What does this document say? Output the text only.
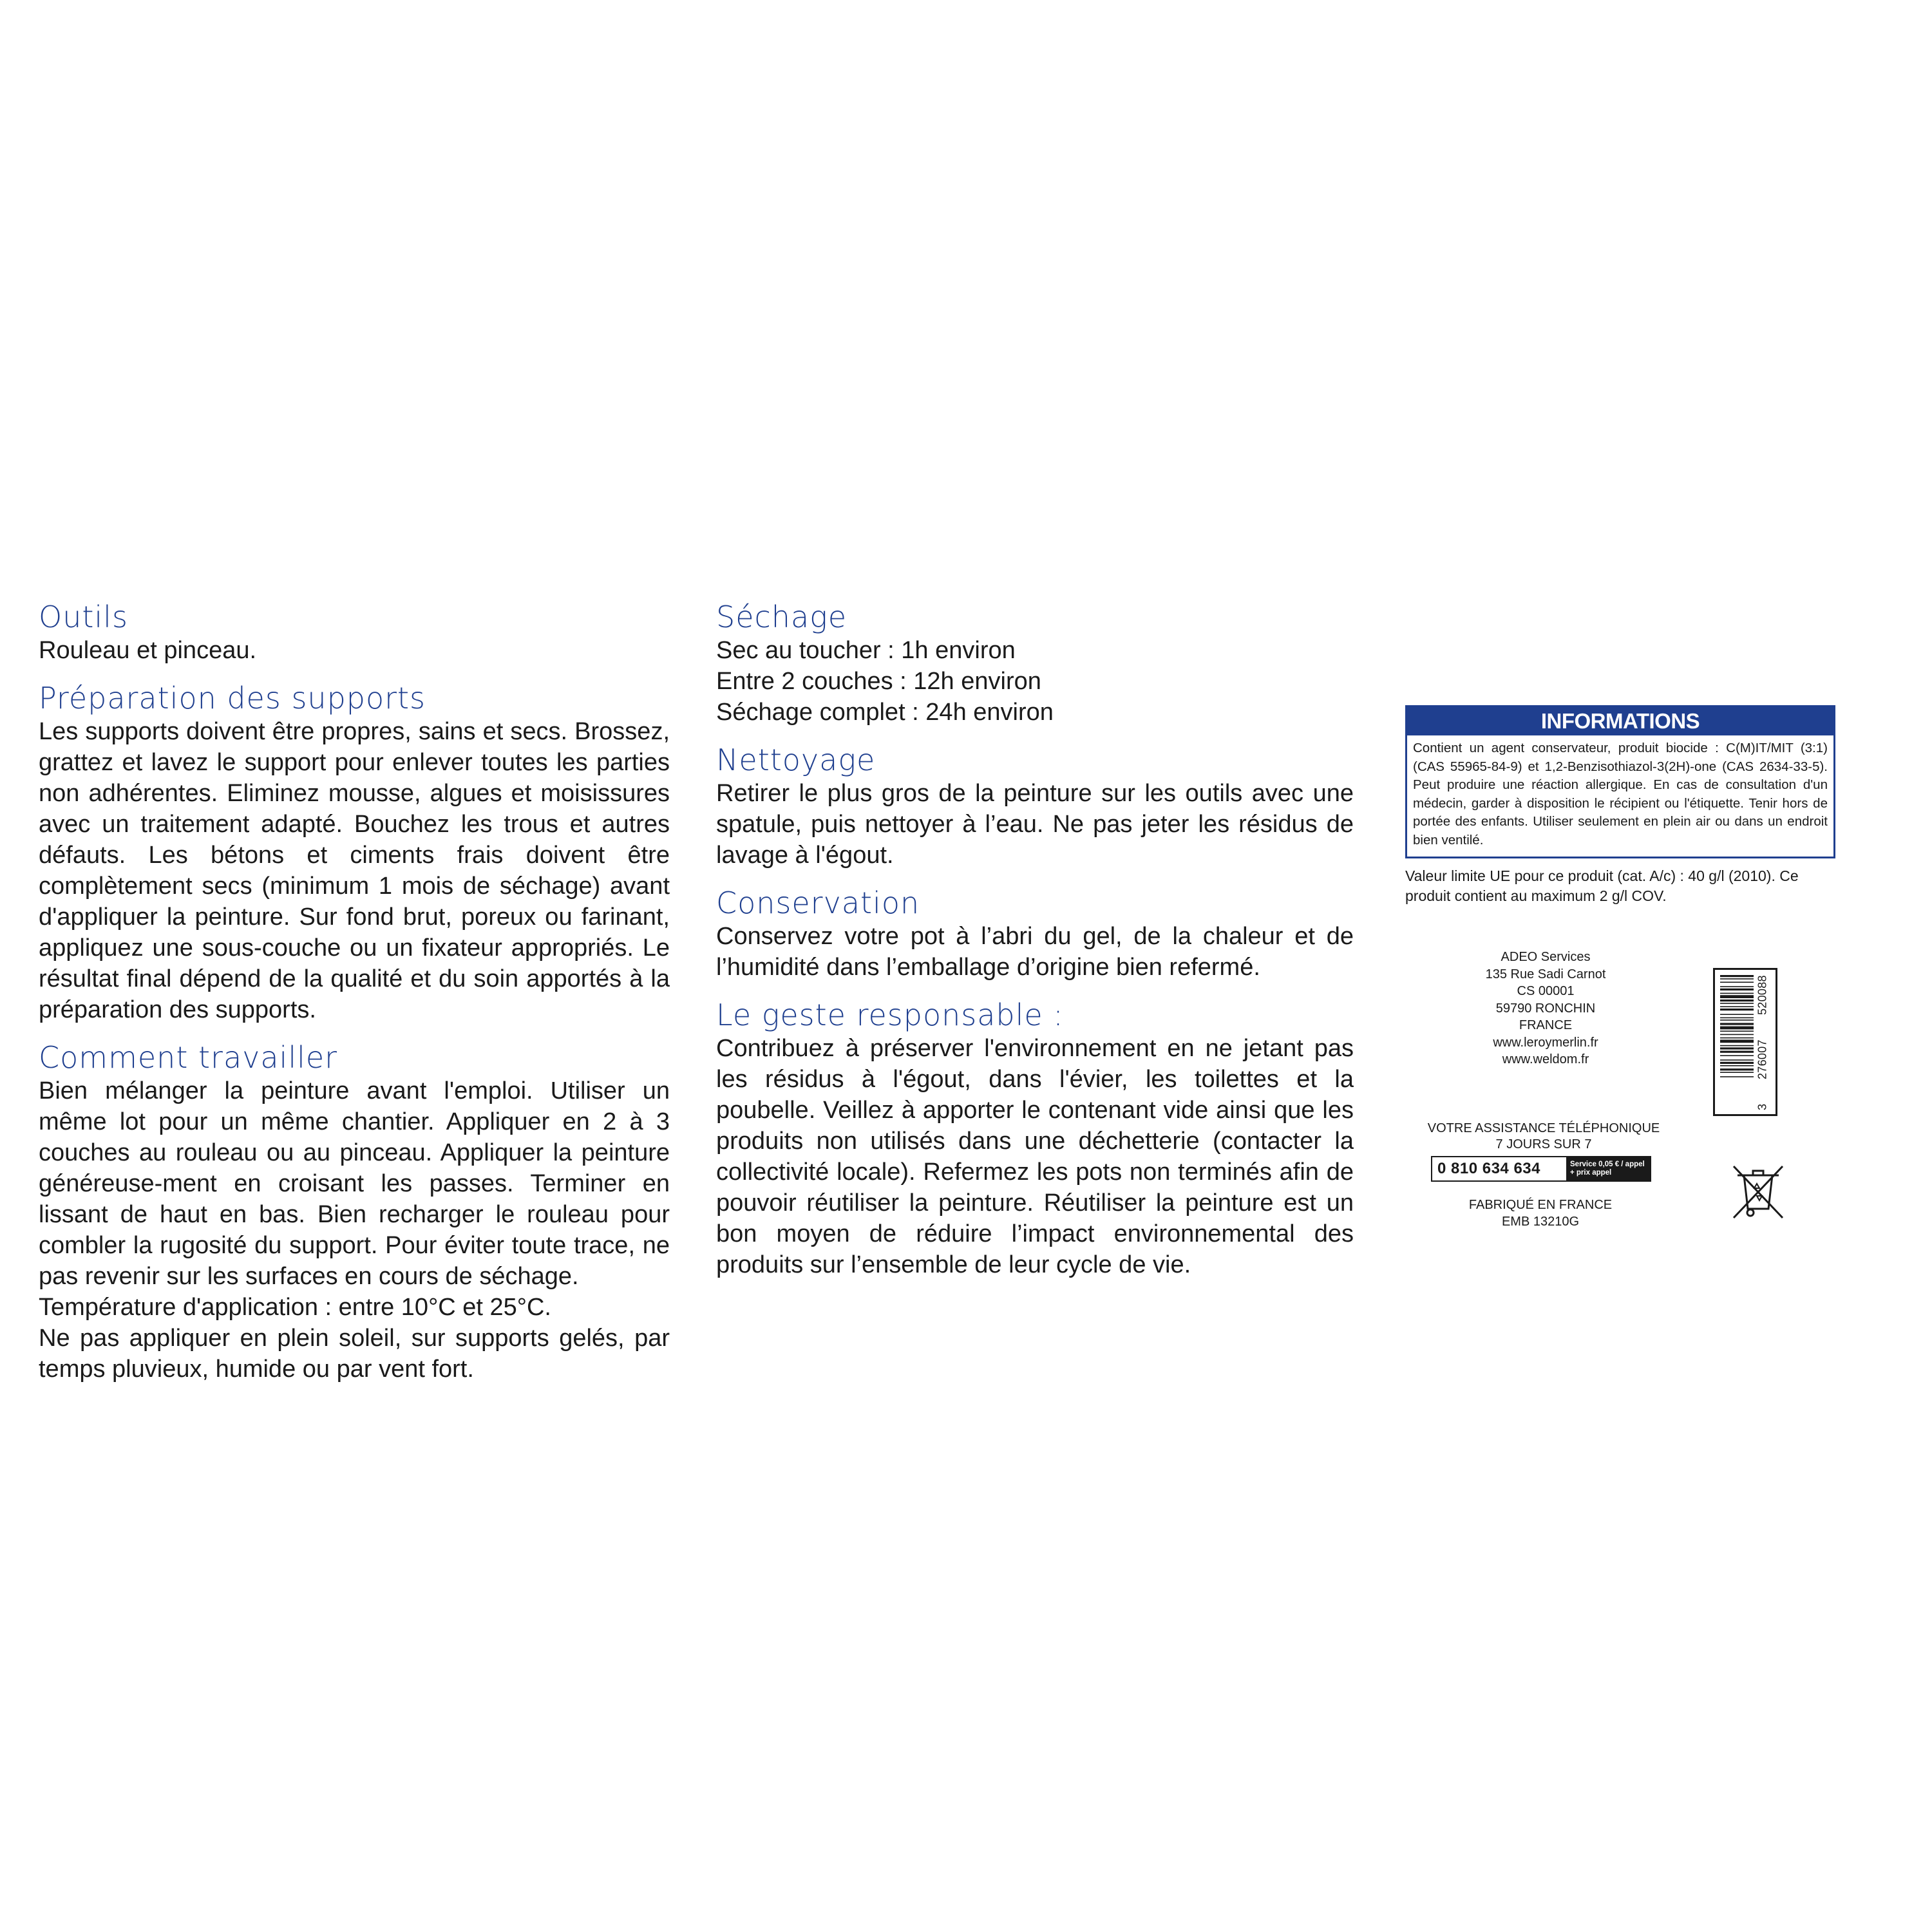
Outils

Rouleau et pinceau.

Préparation des supports

Les supports doivent être propres, sains et secs. Brossez, grattez et lavez le support pour enlever toutes les parties non adhérentes. Eliminez mousse, algues et moisissures avec un traitement adapté. Bouchez les trous et autres défauts. Les bétons et ciments frais doivent être complètement secs (minimum 1 mois de séchage) avant d'appliquer la peinture. Sur fond brut, poreux ou farinant, appliquez une sous-couche ou un fixateur appropriés. Le résultat final dépend de la qualité et du soin apportés à la préparation des supports.

Comment travailler

Bien mélanger la peinture avant l'emploi. Utiliser un même lot pour un même chantier. Appliquer en 2 à 3 couches au rouleau ou au pinceau. Appliquer la peinture généreuse-ment en croisant les passes. Terminer en lissant de haut en bas. Bien recharger le rouleau pour combler la rugosité du support. Pour éviter toute trace, ne pas revenir sur les surfaces en cours de séchage.

Température d'application : entre 10°C et 25°C.

Ne pas appliquer en plein soleil, sur supports gelés, par temps pluvieux, humide ou par vent fort.

Séchage
Sec au toucher : 1h environ
Entre 2 couches : 12h environ
Séchage complet : 24h environ
Nettoyage

Retirer le plus gros de la peinture sur les outils avec une spatule, puis nettoyer à l’eau. Ne pas jeter les résidus de lavage à l'égout.

Conservation

Conservez votre pot à l’abri du gel, de la chaleur et de l’humidité dans l’emballage d’origine bien refermé.

Le geste responsable :

Contribuez à préserver l'environnement en ne jetant pas les résidus à l'égout, dans l'évier, les toilettes et la poubelle. Veillez à apporter le contenant vide ainsi que les produits non utilisés dans une déchetterie (contacter la collectivité locale). Refermez les pots non terminés afin de pouvoir réutiliser la peinture. Réutiliser la peinture est un bon moyen de réduire l’impact environnemental des produits sur l’ensemble de leur cycle de vie.

INFORMATIONS
Contient un agent conservateur, produit biocide : C(M)IT/MIT (3:1) (CAS 55965-84-9) et 1,2-Benzisothiazol-3(2H)-one (CAS 2634-33-5). Peut produire une réaction allergique. En cas de consultation d'un médecin, garder à disposition le récipient ou l'étiquette. Tenir hors de portée des enfants. Utiliser seulement en plein air ou dans un endroit bien ventilé.
Valeur limite UE pour ce produit (cat. A/c) : 40 g/l (2010). Ce produit contient au maximum 2 g/l COV.
ADEO Services
135 Rue Sadi Carnot
CS 00001
59790 RONCHIN
FRANCE
www.leroymerlin.fr
www.weldom.fr
3
276007
520088
VOTRE ASSISTANCE TÉLÉPHONIQUE
7 JOURS SUR 7
0 810 634 634	Service 0,05 € / appel
+ prix appel
FABRIQUÉ EN FRANCE
EMB 13210G
